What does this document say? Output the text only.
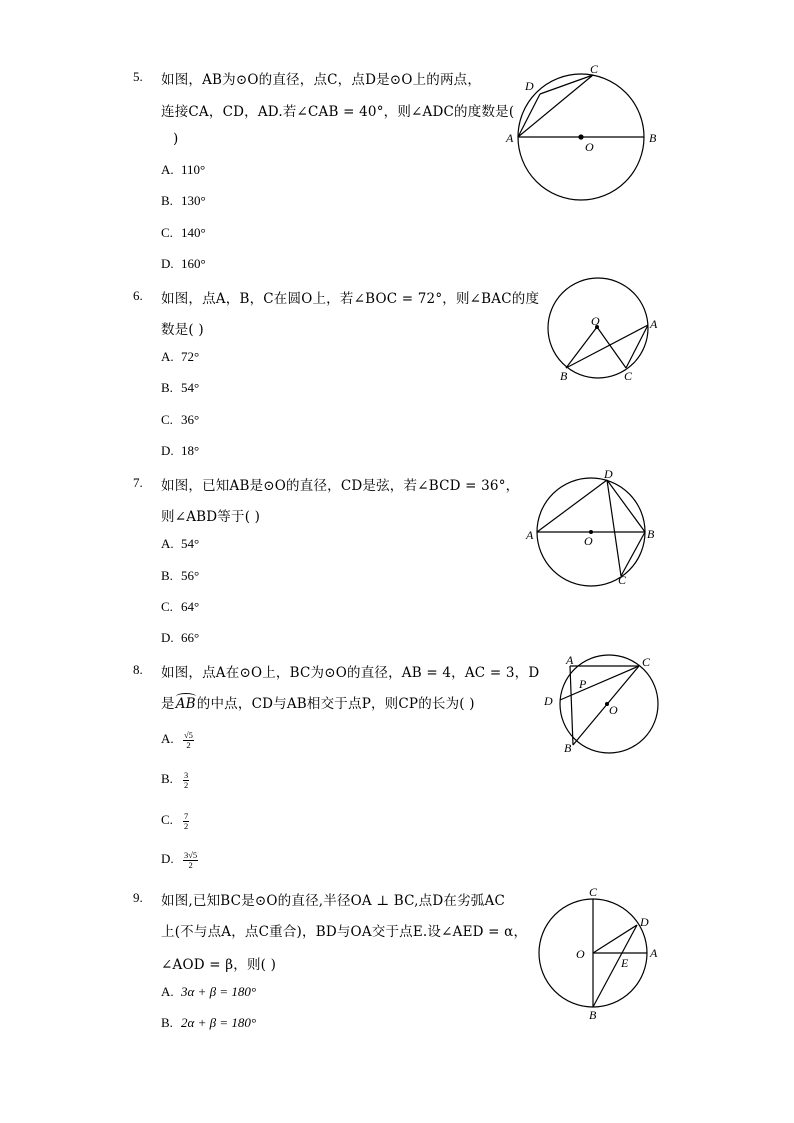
5. 如图，AB为⊙O的直径，点C，点D是⊙O上的两点，
连接CA，CD，AD.若∠CAB = 40°，则∠ADC的度数是(
)
A. 110°
B. 130°
C. 140°
D. 160°
A	B
C
D
O
6. 如图，点A，B，C在圆O上，若∠BOC = 72°，则∠BAC的度
数是( )
A. 72°
B. 54°
C. 36°
D. 18°
O	A
B	C
7. 如图，已知AB是⊙O的直径，CD是弦，若∠BCD = 36°，
则∠ABD等于( )
A. 54°
B. 56°
C. 64°
D. 66°
A	B
C
D
O
8. 如图，点A在⊙O上，BC为⊙O的直径，AB = 4，AC = 3，D
是
AB的中点，CD与AB相交于点P，则CP的长为( )
A. $\frac{√5}{2}$
B. $\frac{3}{2}$
C. $\frac{7}{2}$
D. $\frac{3√5}{2}$
A	C
D
P
O
B
9. 如图,已知BC是⊙O的直径,半径OA ⊥ BC,点D在劣弧AC
上(不与点A，点C重合)，BD与OA交于点E.设∠AED = α，
∠AOD = β，则( )
A. 3α + β = 180°
B. 2α + β = 180°
C
O
D
A
E
B
